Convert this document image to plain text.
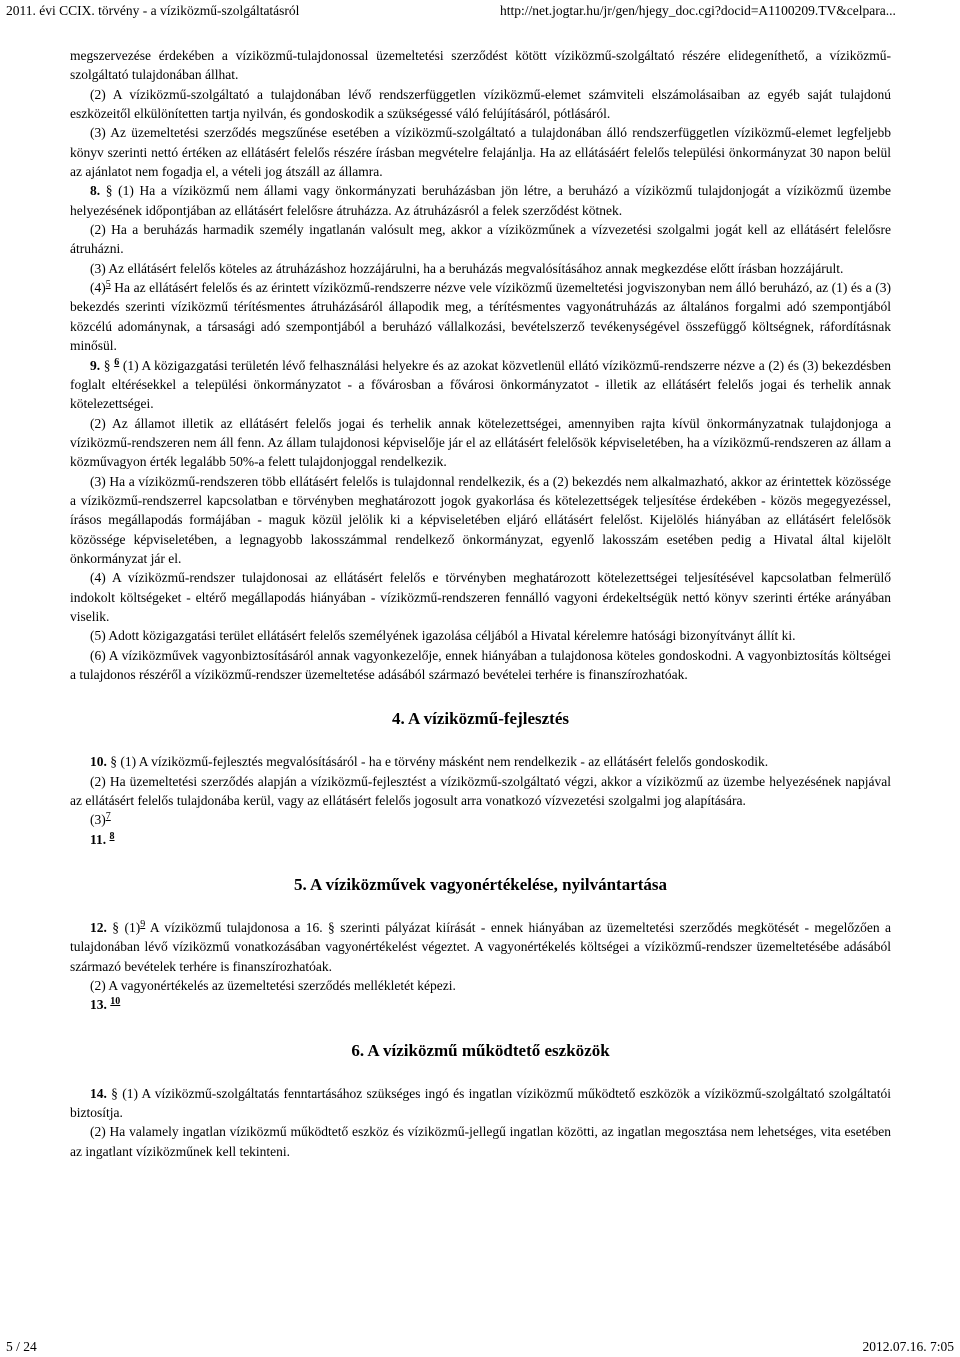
2011. évi CCIX. törvény - a víziközmű-szolgáltatásról	http://net.jogtar.hu/jr/gen/hjegy_doc.cgi?docid=A1100209.TV&celpara...

megszervezése érdekében a víziközmű-tulajdonossal üzemeltetési szerződést kötött víziközmű-szolgáltató részére elidegeníthető, a víziközmű-szolgáltató tulajdonában állhat.

(2) A víziközmű-szolgáltató a tulajdonában lévő rendszerfüggetlen víziközmű-elemet számviteli elszámolásaiban az egyéb saját tulajdonú eszközeitől elkülönítetten tartja nyilván, és gondoskodik a szükségessé váló felújításáról, pótlásáról.

(3) Az üzemeltetési szerződés megszűnése esetében a víziközmű-szolgáltató a tulajdonában álló rendszerfüggetlen víziközmű-elemet legfeljebb könyv szerinti nettó értéken az ellátásért felelős részére írásban megvételre felajánlja. Ha az ellátásáért felelős települési önkormányzat 30 napon belül az ajánlatot nem fogadja el, a vételi jog átszáll az államra.

8. § (1) Ha a víziközmű nem állami vagy önkormányzati beruházásban jön létre, a beruházó a víziközmű tulajdonjogát a víziközmű üzembe helyezésének időpontjában az ellátásért felelősre átruházza. Az átruházásról a felek szerződést kötnek.

(2) Ha a beruházás harmadik személy ingatlanán valósult meg, akkor a víziközműnek a vízvezetési szolgalmi jogát kell az ellátásért felelősre átruházni.

(3) Az ellátásért felelős köteles az átruházáshoz hozzájárulni, ha a beruházás megvalósításához annak megkezdése előtt írásban hozzájárult.

$(4)^5$ Ha az ellátásért felelős és az érintett víziközmű-rendszerre nézve vele víziközmű üzemeltetési jogviszonyban nem álló beruházó, az (1) és a (3) bekezdés szerinti víziközmű térítésmentes átruházásáról állapodik meg, a térítésmentes vagyonátruházás az általános forgalmi adó szempontjából közcélú adománynak, a társasági adó szempontjából a beruházó vállalkozási, bevételszerző tevékenységével összefüggő költségnek, ráfordításnak minősül.

9. § $^6$ (1) A közigazgatási területén lévő felhasználási helyekre és az azokat közvetlenül ellátó víziközmű-rendszerre nézve a (2) és (3) bekezdésben foglalt eltérésekkel a települési önkormányzatot - a fővárosban a fővárosi önkormányzatot - illetik az ellátásért felelős jogai és terhelik annak kötelezettségei.

(2) Az államot illetik az ellátásért felelős jogai és terhelik annak kötelezettségei, amennyiben rajta kívül önkormányzatnak tulajdonjoga a víziközmű-rendszeren nem áll fenn. Az állam tulajdonosi képviselője jár el az ellátásért felelősök képviseletében, ha a víziközmű-rendszeren az állam a közművagyon érték legalább 50%-a felett tulajdonjoggal rendelkezik.

(3) Ha a víziközmű-rendszeren több ellátásért felelős is tulajdonnal rendelkezik, és a (2) bekezdés nem alkalmazható, akkor az érintettek közössége a víziközmű-rendszerrel kapcsolatban e törvényben meghatározott jogok gyakorlása és kötelezettségek teljesítése érdekében - közös megegyezéssel, írásos megállapodás formájában - maguk közül jelölik ki a képviseletében eljáró ellátásért felelőst. Kijelölés hiányában az ellátásért felelősök közössége képviseletében, a legnagyobb lakosszámmal rendelkező önkormányzat, egyenlő lakosszám esetében pedig a Hivatal által kijelölt önkormányzat jár el.

(4) A víziközmű-rendszer tulajdonosai az ellátásért felelős e törvényben meghatározott kötelezettségei teljesítésével kapcsolatban felmerülő indokolt költségeket - eltérő megállapodás hiányában - víziközmű-rendszeren fennálló vagyoni érdekeltségük nettó könyv szerinti értéke arányában viselik.

(5) Adott közigazgatási terület ellátásért felelős személyének igazolása céljából a Hivatal kérelemre hatósági bizonyítványt állít ki.

(6) A víziközművek vagyonbiztosításáról annak vagyonkezelője, ennek hiányában a tulajdonosa köteles gondoskodni. A vagyonbiztosítás költségei a tulajdonos részéről a víziközmű-rendszer üzemeltetése adásából származó bevételei terhére is finanszírozhatóak.

4. A víziközmű-fejlesztés

10. § (1) A víziközmű-fejlesztés megvalósításáról - ha e törvény másként nem rendelkezik - az ellátásért felelős gondoskodik.

(2) Ha üzemeltetési szerződés alapján a víziközmű-fejlesztést a víziközmű-szolgáltató végzi, akkor a víziközmű az üzembe helyezésének napjával az ellátásért felelős tulajdonába kerül, vagy az ellátásért felelős jogosult arra vonatkozó vízvezetési szolgalmi jog alapítására.

$(3)^7$

11. $^8$

5. A víziközművek vagyonértékelése, nyilvántartása

12. § $(1)^9$ A víziközmű tulajdonosa a 16. § szerinti pályázat kiírását - ennek hiányában az üzemeltetési szerződés megkötését - megelőzően a tulajdonában lévő víziközmű vonatkozásában vagyonértékelést végeztet. A vagyonértékelés költségei a víziközmű-rendszer üzemeltetésébe adásából származó bevételek terhére is finanszírozhatóak.

(2) A vagyonértékelés az üzemeltetési szerződés mellékletét képezi.

13. $^{10}$

6. A víziközmű működtető eszközök

14. § (1) A víziközmű-szolgáltatás fenntartásához szükséges ingó és ingatlan víziközmű működtető eszközök a víziközmű-szolgáltató szolgáltatói biztosítja.

(2) Ha valamely ingatlan víziközmű működtető eszköz és víziközmű-jellegű ingatlan közötti, az ingatlan megosztása nem lehetséges, vita esetében az ingatlant víziközműnek kell tekinteni.

5 / 24	2012.07.16. 7:05
